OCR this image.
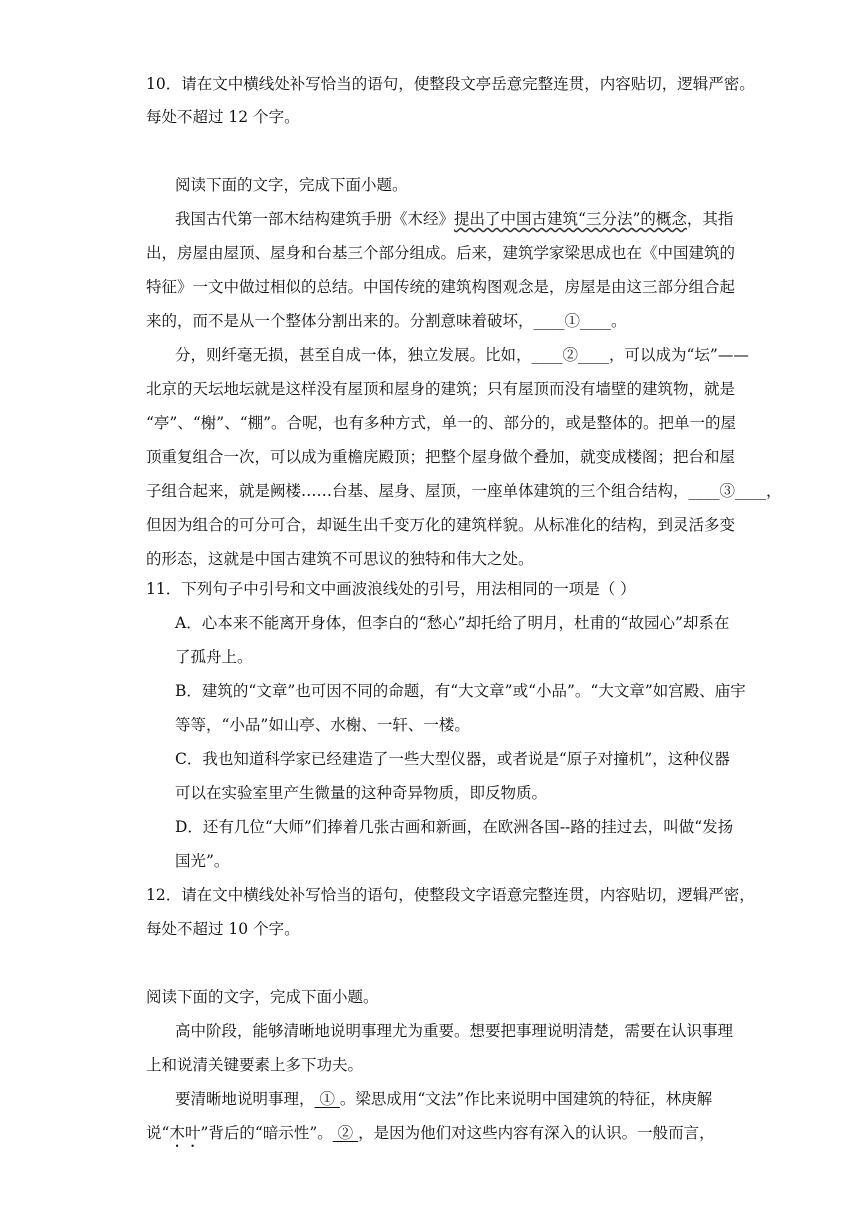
10．请在文中横线处补写恰当的语句，使整段文亭岳意完整连贯，内容贴切，逻辑严密。
每处不超过 12 个字。
阅读下面的文字，完成下面小题。
我国古代第一部木结构建筑手册《木经》提出了中国古建筑“三分法”的概念，其指
出，房屋由屋顶、屋身和台基三个部分组成。后来，建筑学家梁思成也在《中国建筑的
特征》一文中做过相似的总结。中国传统的建筑构图观念是，房屋是由这三部分组合起
来的，而不是从一个整体分割出来的。分割意味着破坏，____①____。
分，则纤毫无损，甚至自成一体，独立发展。比如，____②____，可以成为“坛”——
北京的天坛地坛就是这样没有屋顶和屋身的建筑；只有屋顶而没有墙壁的建筑物，就是
“亭”、“榭”、“棚”。合呢，也有多种方式，单一的、部分的，或是整体的。把单一的屋
顶重复组合一次，可以成为重檐庑殿顶；把整个屋身做个叠加，就变成楼阁；把台和屋
子组合起来，就是阙楼……台基、屋身、屋顶，一座单体建筑的三个组合结构，____③____，
但因为组合的可分可合，却诞生出千变万化的建筑样貌。从标准化的结构，到灵活多变
的形态，这就是中国古建筑不可思议的独特和伟大之处。
11．下列句子中引号和文中画波浪线处的引号，用法相同的一项是（ ）
A．心本来不能离开身体，但李白的“愁心”却托给了明月，杜甫的“故园心”却系在
了孤舟上。
B．建筑的“文章”也可因不同的命题，有“大文章”或“小品”。“大文章”如宫殿、庙宇
等等，“小品”如山亭、水榭、一轩、一楼。
C．我也知道科学家已经建造了一些大型仪器，或者说是“原子对撞机”，这种仪器
可以在实验室里产生微量的这种奇异物质，即反物质。
D．还有几位“大师”们捧着几张古画和新画，在欧洲各国--路的挂过去，叫做“发扬
国光”。
12．请在文中横线处补写恰当的语句，使整段文字语意完整连贯，内容贴切，逻辑严密，
每处不超过 10 个字。
阅读下面的文字，完成下面小题。
高中阶段，能够清晰地说明事理尤为重要。想要把事理说明清楚，需要在认识事理
上和说清关键要素上多下功夫。
要清晰地说明事理， ① 。梁思成用“文法”作比来说明中国建筑的特征，林庚解
说“木叶”背后的“暗示性”。 ② ，是因为他们对这些内容有深入的认识。一般而言，
